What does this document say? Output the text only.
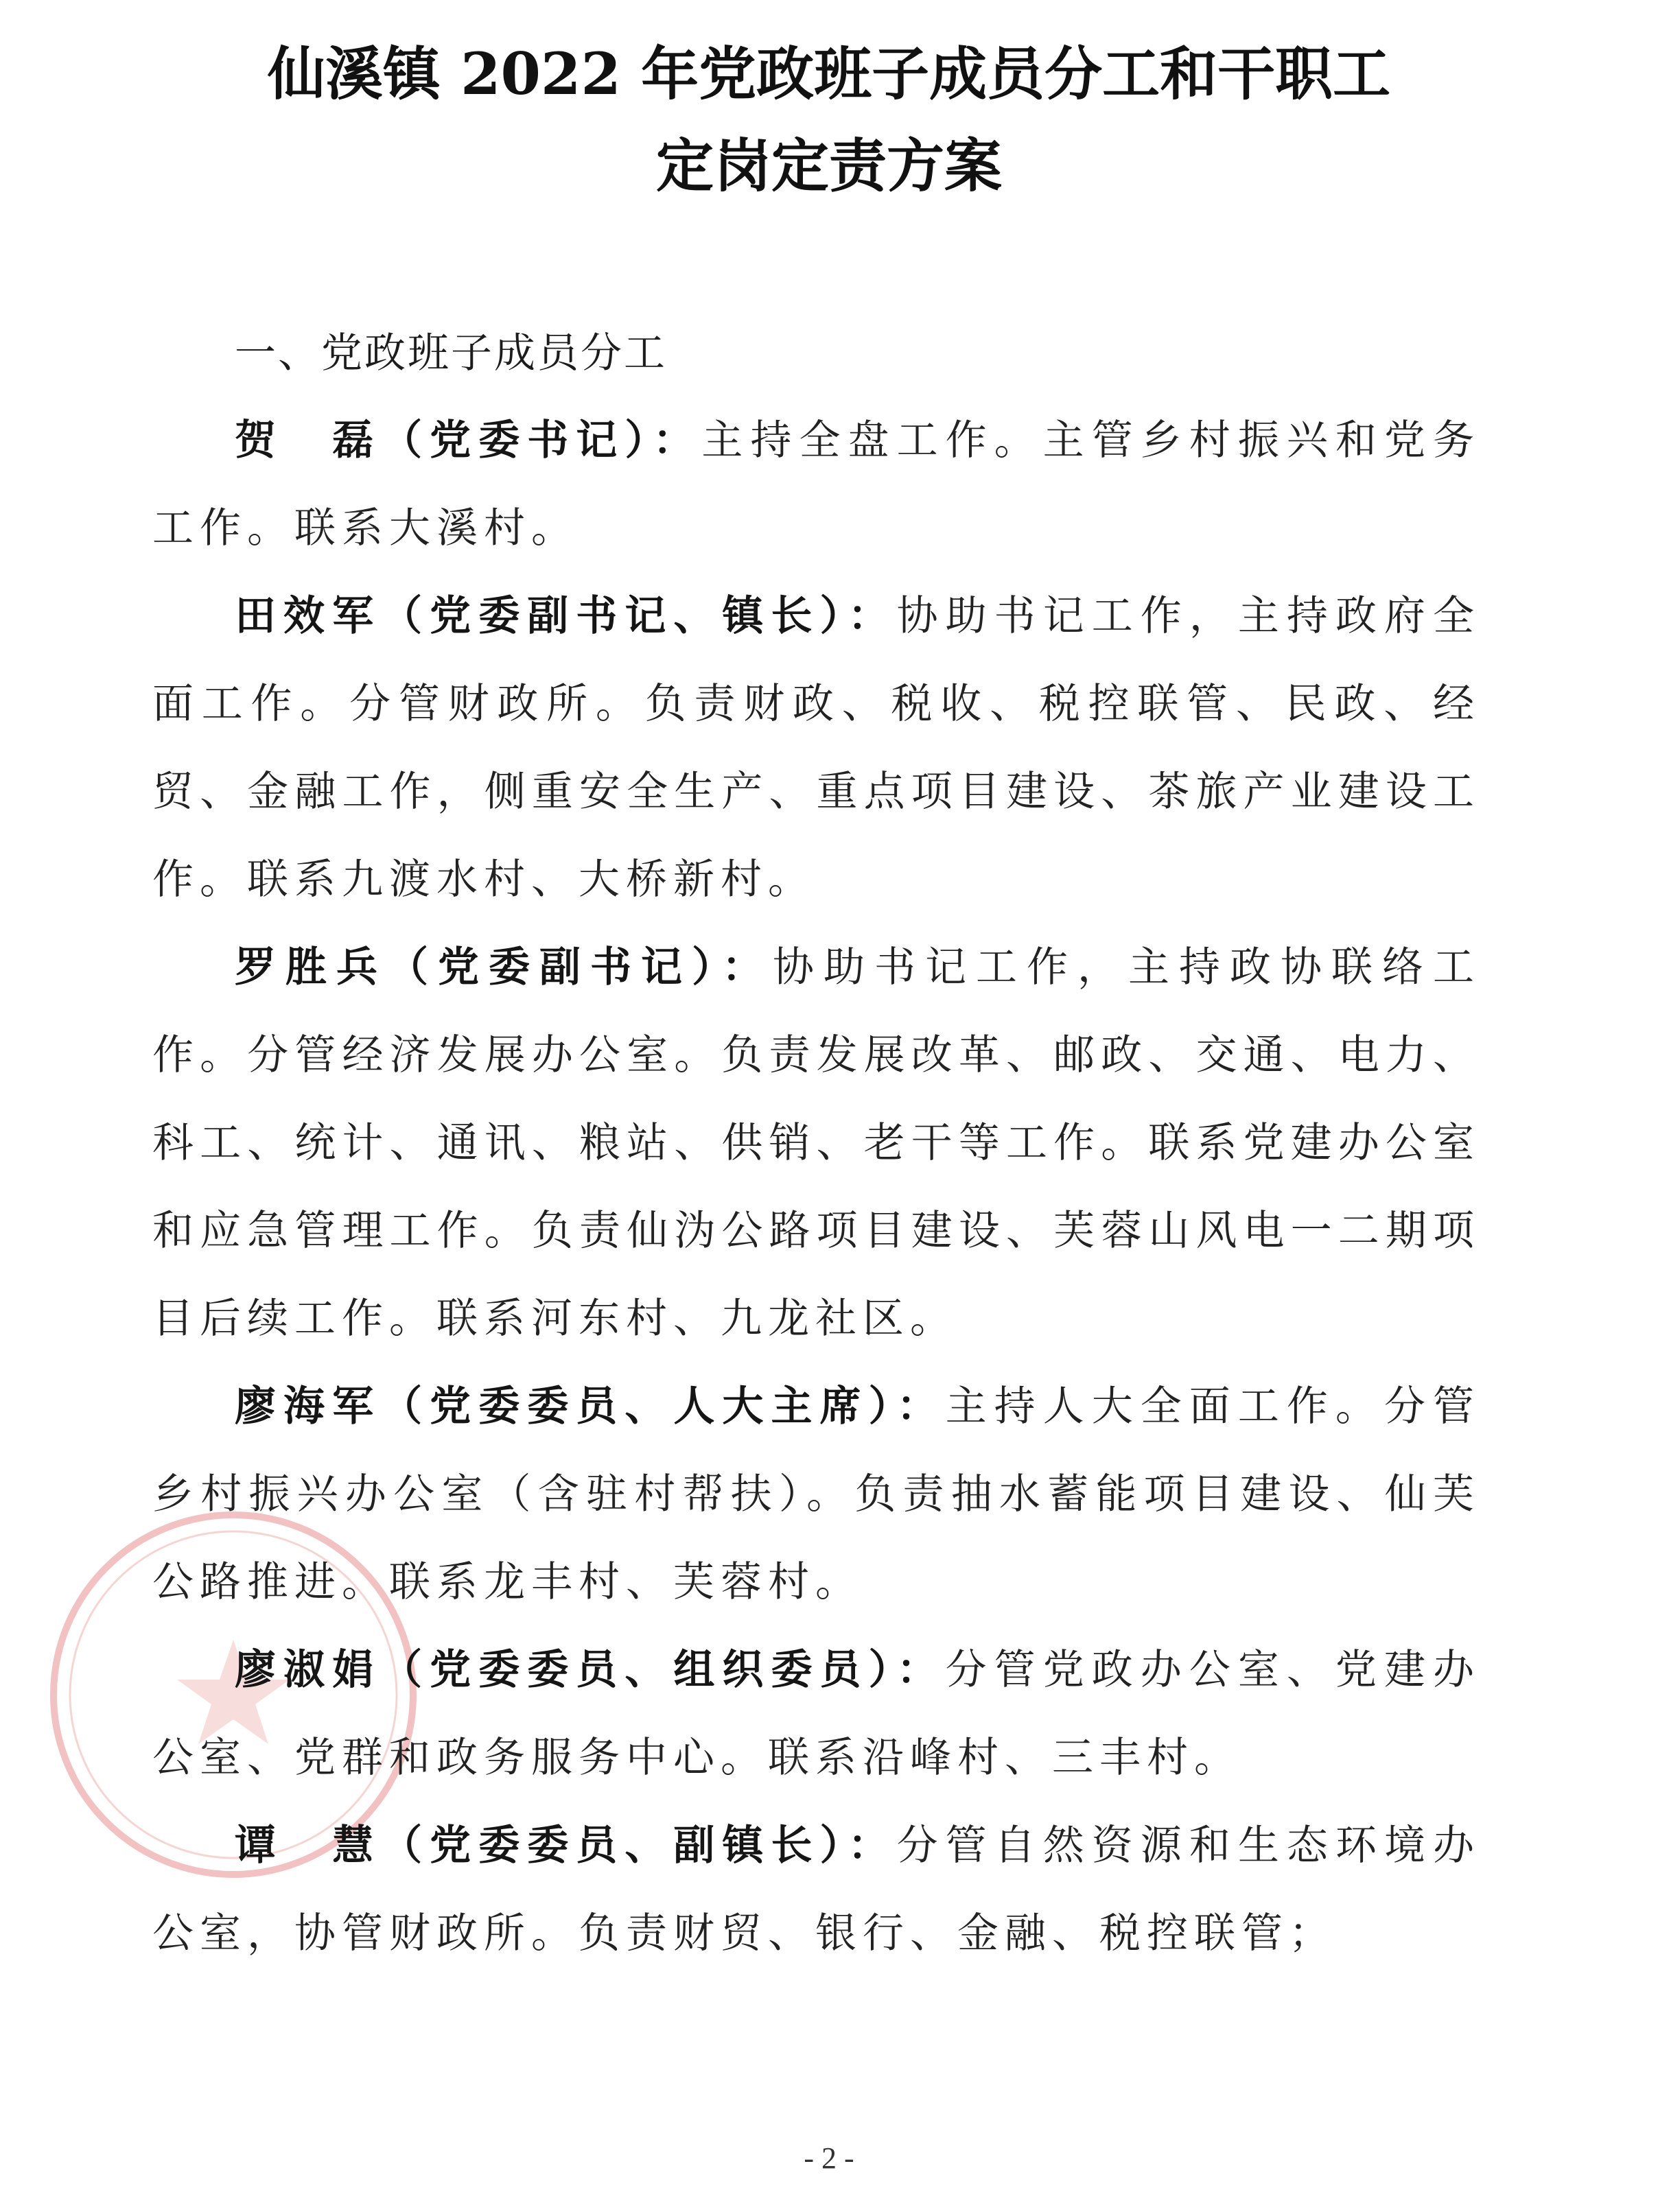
仙溪镇 2022 年党政班子成员分工和干职工
定岗定责方案

一、党政班子成员分工

贺　磊（党委书记）：主持全盘工作。主管乡村振兴和党务工作。联系大溪村。

田效军（党委副书记、镇长）：协助书记工作，主持政府全面工作。分管财政所。负责财政、税收、税控联管、民政、经贸、金融工作，侧重安全生产、重点项目建设、茶旅产业建设工作。联系九渡水村、大桥新村。

罗胜兵（党委副书记）：协助书记工作，主持政协联络工作。分管经济发展办公室。负责发展改革、邮政、交通、电力、科工、统计、通讯、粮站、供销、老干等工作。联系党建办公室和应急管理工作。负责仙沩公路项目建设、芙蓉山风电一二期项目后续工作。联系河东村、九龙社区。

廖海军（党委委员、人大主席）：主持人大全面工作。分管乡村振兴办公室（含驻村帮扶）。负责抽水蓄能项目建设、仙芙公路推进。联系龙丰村、芙蓉村。

廖淑娟（党委委员、组织委员）：分管党政办公室、党建办公室、党群和政务服务中心。联系沿峰村、三丰村。

谭　慧（党委委员、副镇长）：分管自然资源和生态环境办公室，协管财政所。负责财贸、银行、金融、税控联管；

- 2 -
